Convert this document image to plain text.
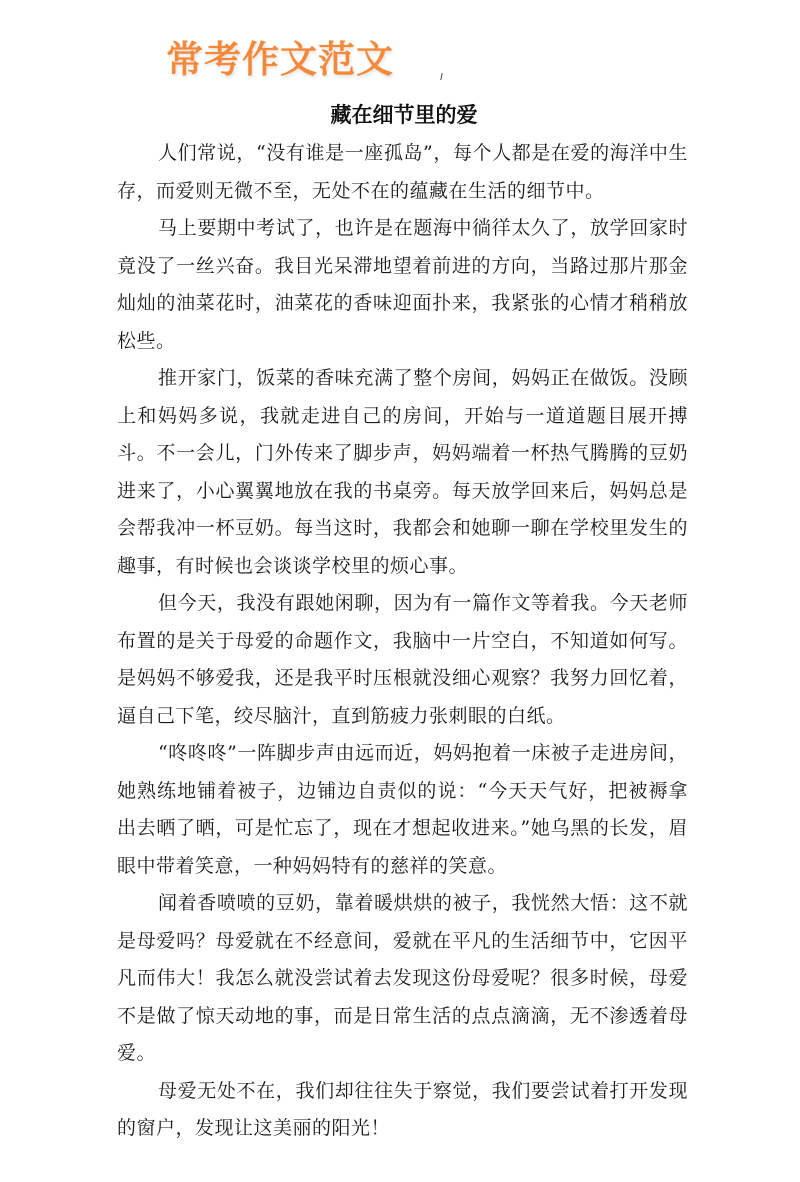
常考作文范文
藏在细节里的爱

人们常说，“没有谁是一座孤岛”，每个人都是在爱的海洋中生存，而爱则无微不至，无处不在的蕴藏在生活的细节中。

马上要期中考试了，也许是在题海中徜徉太久了，放学回家时竟没了一丝兴奋。我目光呆滞地望着前进的方向，当路过那片那金灿灿的油菜花时，油菜花的香味迎面扑来，我紧张的心情才稍稍放松些。

推开家门，饭菜的香味充满了整个房间，妈妈正在做饭。没顾上和妈妈多说，我就走进自己的房间，开始与一道道题目展开搏斗。不一会儿，门外传来了脚步声，妈妈端着一杯热气腾腾的豆奶进来了，小心翼翼地放在我的书桌旁。每天放学回来后，妈妈总是会帮我冲一杯豆奶。每当这时，我都会和她聊一聊在学校里发生的趣事，有时候也会谈谈学校里的烦心事。

但今天，我没有跟她闲聊，因为有一篇作文等着我。今天老师布置的是关于母爱的命题作文，我脑中一片空白，不知道如何写。是妈妈不够爱我，还是我平时压根就没细心观察？我努力回忆着，逼自己下笔，绞尽脑汁，直到筋疲力张刺眼的白纸。

“咚咚咚”一阵脚步声由远而近，妈妈抱着一床被子走进房间，她熟练地铺着被子，边铺边自责似的说：“今天天气好，把被褥拿出去晒了晒，可是忙忘了，现在才想起收进来。”她乌黑的长发，眉眼中带着笑意，一种妈妈特有的慈祥的笑意。

闻着香喷喷的豆奶，靠着暖烘烘的被子，我恍然大悟：这不就是母爱吗？母爱就在不经意间，爱就在平凡的生活细节中，它因平凡而伟大！我怎么就没尝试着去发现这份母爱呢？很多时候，母爱不是做了惊天动地的事，而是日常生活的点点滴滴，无不渗透着母爱。

母爱无处不在，我们却往往失于察觉，我们要尝试着打开发现的窗户，发现让这美丽的阳光！
